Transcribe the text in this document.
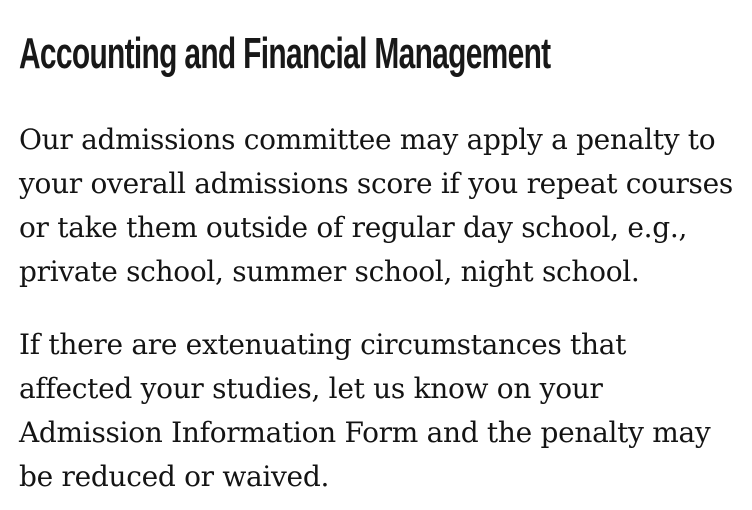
Accounting and Financial Management

Our admissions committee may apply a penalty to
your overall admissions score if you repeat courses
or take them outside of regular day school, e.g.,
private school, summer school, night school.

If there are extenuating circumstances that
affected your studies, let us know on your
Admission Information Form and the penalty may
be reduced or waived.
